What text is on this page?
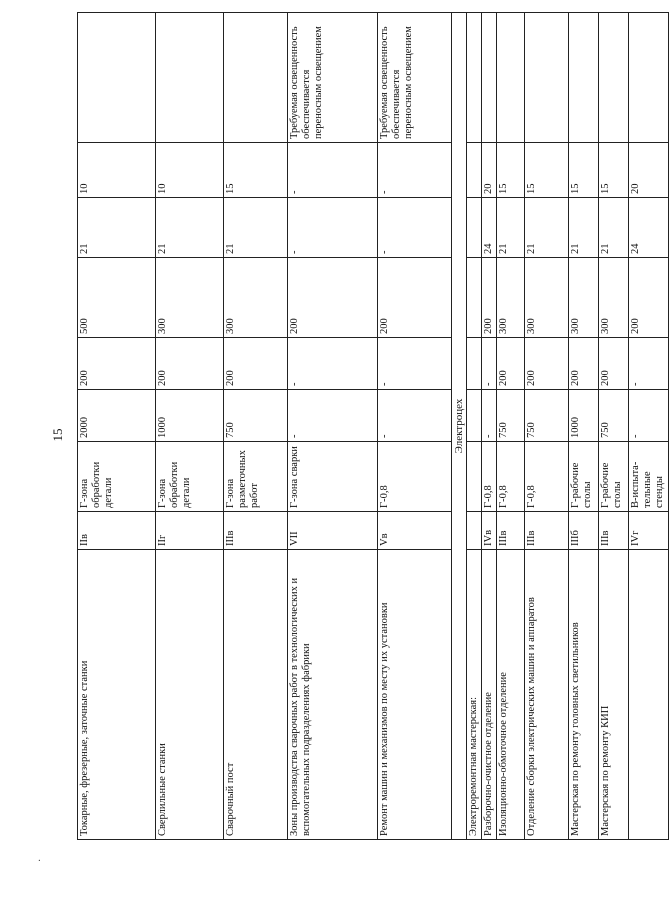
·
15
Токарные, фрезерные, заточные станки	IIв	Г-зона обработки детали	2000	200	500	21	10	
Сверлильные станки	IIг	Г-зона обработки детали	1000	200	300	21	10	
Сварочный пост	IIIв	Г-зона разметочных работ	750	200	300	21	15	
Зоны производства сварочных работ в технологических и вспомогательных подразделениях фабрики	VII	Г-зона сварки	-	-	200	-	-	Требуемая освещенность обеспечивается переносным освещением
Ремонт машин и механизмов по месту их установки	Vв	Г-0,8	-	-	200	-	-	Требуемая освещенность обеспечивается переносным освещением
Электроцех								
Электроремонтная мастерская:								
Разборочно-очистное отделение	IVв	Г-0,8	-	-	200	24	20	
Изоляционно-обмоточное отделение	IIIв	Г-0,8	750	200	300	21	15	
Отделение сборки электрических машин и аппаратов	IIIв	Г-0,8	750	200	300	21	15	
Мастерская по ремонту головных светильников	IIIб	Г-рабочие столы	1000	200	300	21	15	
Мастерская по ремонту КИП	IIIв	Г-рабочие столы	750	200	300	21	15	
	IVг	В-испыта-тельные стенды	-	-	200	24	20	
